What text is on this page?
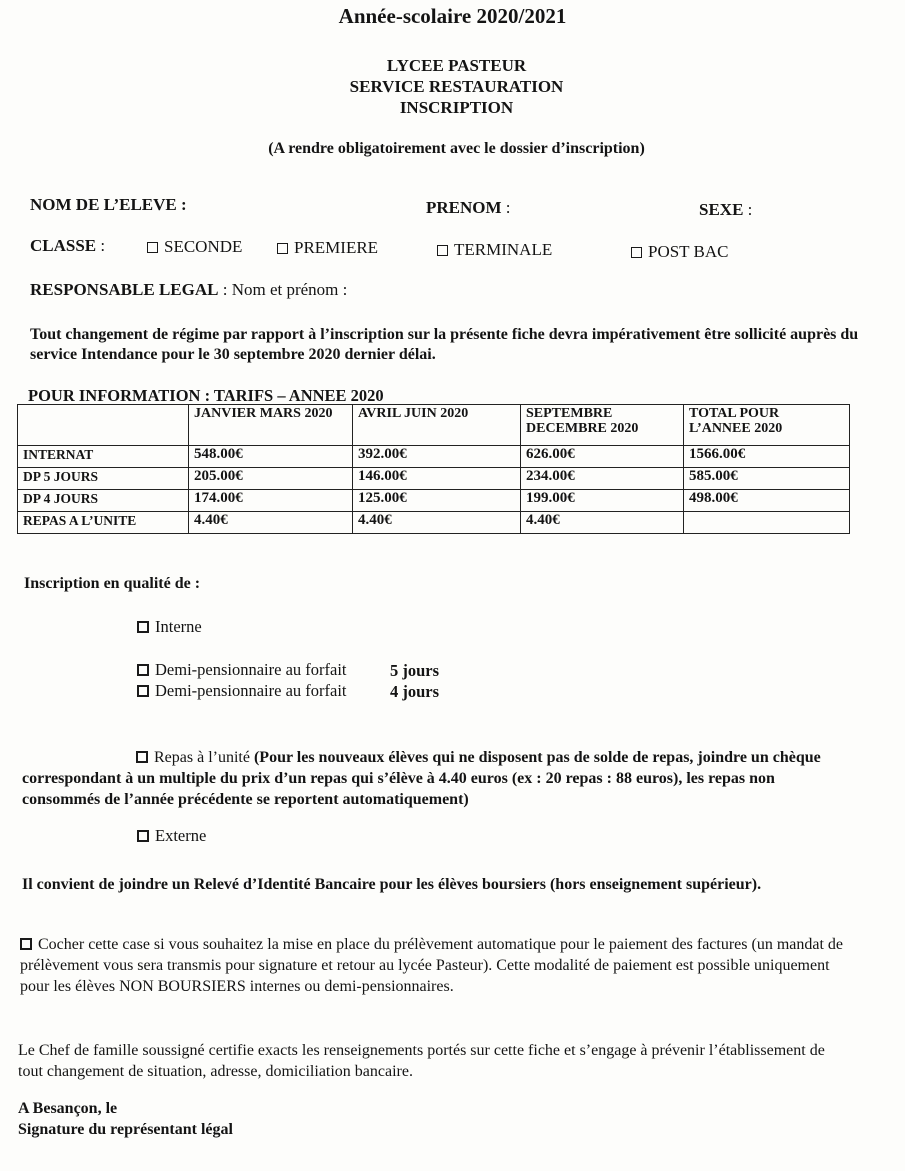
Année-scolaire 2020/2021
LYCEE PASTEUR
SERVICE RESTAURATION
INSCRIPTION
(A rendre obligatoirement avec le dossier d’inscription)
NOM DE L’ELEVE :	PRENOM :	SEXE :
CLASSE :	SECONDE	PREMIERE	TERMINALE	POST BAC
RESPONSABLE LEGAL : Nom et prénom :
Tout changement de régime par rapport à l’inscription sur la présente fiche devra impérativement être sollicité auprès du service Intendance pour le 30 septembre 2020 dernier délai.
POUR INFORMATION : TARIFS – ANNEE 2020
	JANVIER MARS 2020	AVRIL JUIN 2020	SEPTEMBRE DECEMBRE 2020	TOTAL POUR L’ANNEE 2020
INTERNAT	548.00€	392.00€	626.00€	1566.00€
DP 5 JOURS	205.00€	146.00€	234.00€	585.00€
DP 4 JOURS	174.00€	125.00€	199.00€	498.00€
REPAS A L’UNITE	4.40€	4.40€	4.40€	
Inscription en qualité de :
Interne
Demi-pensionnaire au forfait	5 jours
Demi-pensionnaire au forfait	4 jours
Repas à l’unité (Pour les nouveaux élèves qui ne disposent pas de solde de repas, joindre un chèque correspondant à un multiple du prix d’un repas qui s’élève à 4.40 euros (ex : 20 repas : 88 euros), les repas non consommés de l’année précédente se reportent automatiquement)
Externe
Il convient de joindre un Relevé d’Identité Bancaire pour les élèves boursiers (hors enseignement supérieur).
Cocher cette case si vous souhaitez la mise en place du prélèvement automatique pour le paiement des factures (un mandat de prélèvement vous sera transmis pour signature et retour au lycée Pasteur). Cette modalité de paiement est possible uniquement pour les élèves NON BOURSIERS internes ou demi-pensionnaires.
Le Chef de famille soussigné certifie exacts les renseignements portés sur cette fiche et s’engage à prévenir l’établissement de tout changement de situation, adresse, domiciliation bancaire.
A Besançon, le
Signature du représentant légal
